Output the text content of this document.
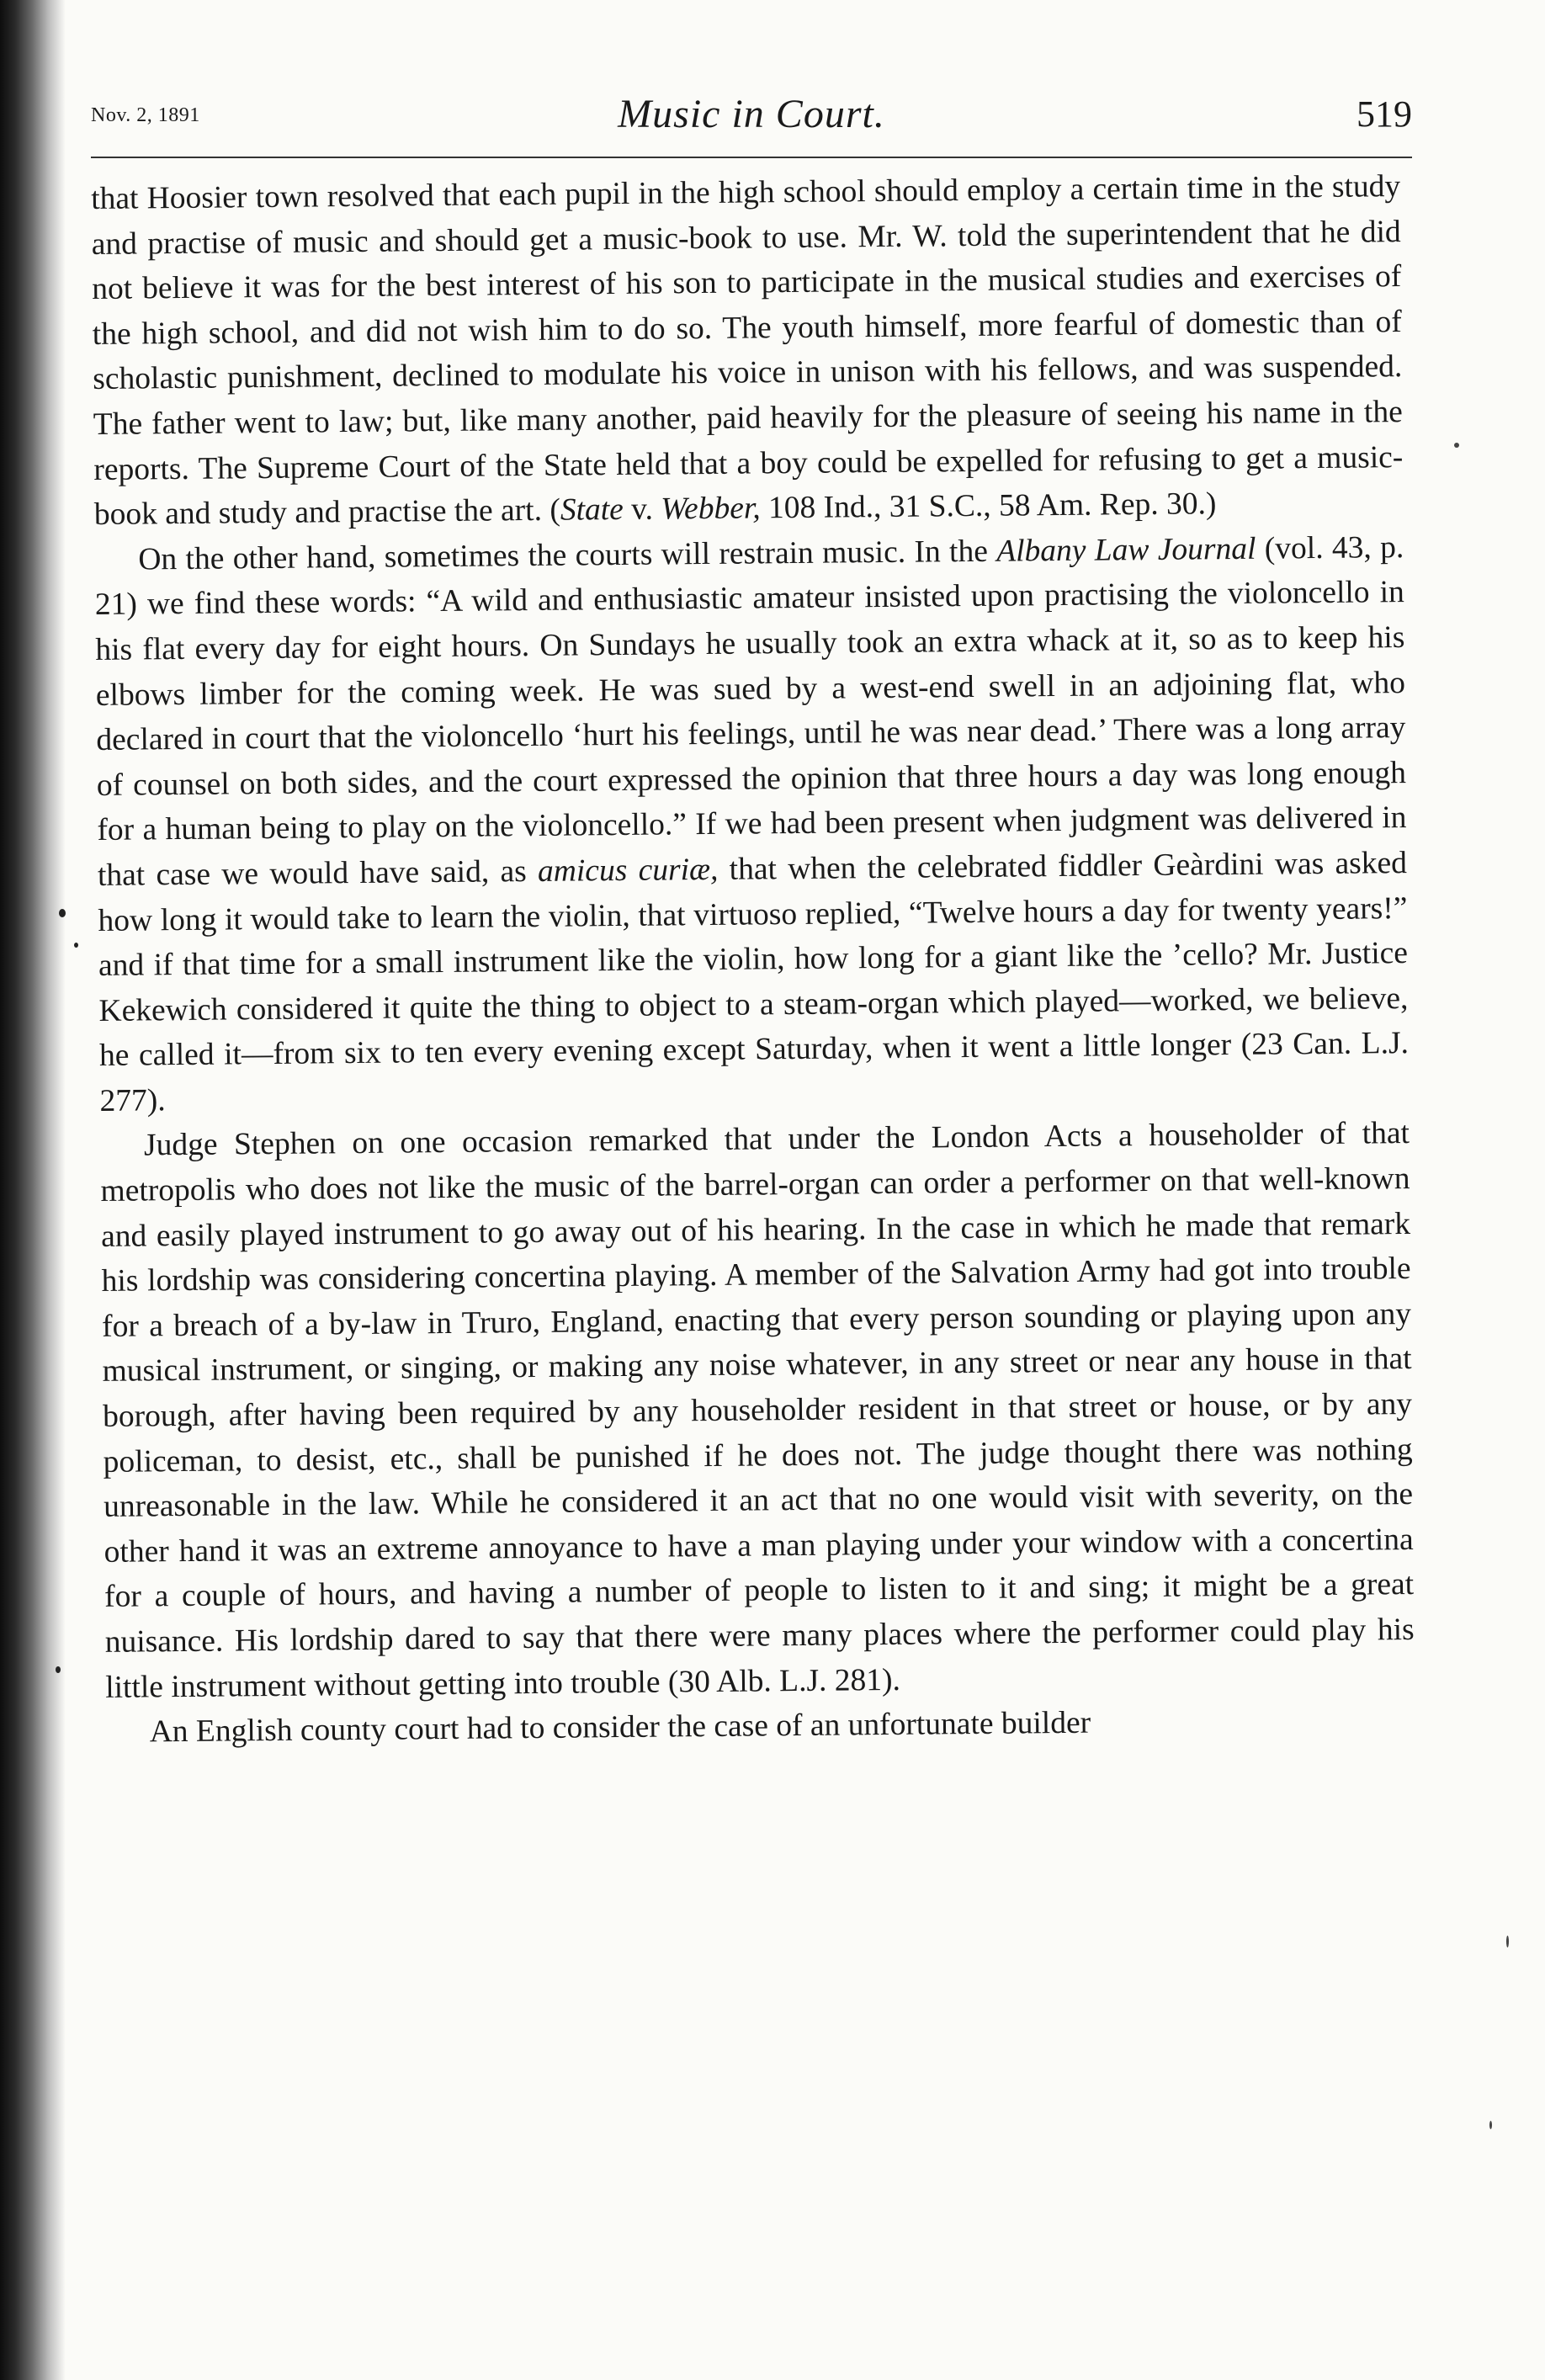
Nov. 2, 1891	Music in Court.	519

that Hoosier town resolved that each pupil in the high school should employ a certain time in the study and practise of music and should get a music-book to use. Mr. W. told the superintendent that he did not believe it was for the best interest of his son to participate in the musical studies and exercises of the high school, and did not wish him to do so. The youth himself, more fearful of domestic than of scholastic punishment, declined to modulate his voice in unison with his fellows, and was suspended. The father went to law; but, like many another, paid heavily for the pleasure of seeing his name in the reports. The Supreme Court of the State held that a boy could be expelled for refusing to get a music-book and study and practise the art. (State v. Webber, 108 Ind., 31 S.C., 58 Am. Rep. 30.)

On the other hand, sometimes the courts will restrain music. In the Albany Law Journal (vol. 43, p. 21) we find these words: “A wild and enthusiastic amateur insisted upon practising the violoncello in his flat every day for eight hours. On Sundays he usually took an extra whack at it, so as to keep his elbows limber for the coming week. He was sued by a west-end swell in an adjoining flat, who declared in court that the violoncello ‘hurt his feelings, until he was near dead.’ There was a long array of counsel on both sides, and the court expressed the opinion that three hours a day was long enough for a human being to play on the violoncello.” If we had been present when judgment was delivered in that case we would have said, as amicus curiæ, that when the celebrated fiddler Geàrdini was asked how long it would take to learn the violin, that virtuoso replied, “Twelve hours a day for twenty years!” and if that time for a small instrument like the violin, how long for a giant like the ’cello? Mr. Justice Kekewich considered it quite the thing to object to a steam-organ which played—worked, we believe, he called it—from six to ten every evening except Saturday, when it went a little longer (23 Can. L.J. 277).

Judge Stephen on one occasion remarked that under the London Acts a householder of that metropolis who does not like the music of the barrel-organ can order a performer on that well-known and easily played instrument to go away out of his hearing. In the case in which he made that remark his lordship was considering concertina playing. A member of the Salvation Army had got into trouble for a breach of a by-law in Truro, England, enacting that every person sounding or playing upon any musical instrument, or singing, or making any noise whatever, in any street or near any house in that borough, after having been required by any householder resident in that street or house, or by any policeman, to desist, etc., shall be punished if he does not. The judge thought there was nothing unreasonable in the law. While he considered it an act that no one would visit with severity, on the other hand it was an extreme annoyance to have a man playing under your window with a concertina for a couple of hours, and having a number of people to listen to it and sing; it might be a great nuisance. His lordship dared to say that there were many places where the performer could play his little instrument without getting into trouble (30 Alb. L.J. 281).

An English county court had to consider the case of an unfortunate builder
